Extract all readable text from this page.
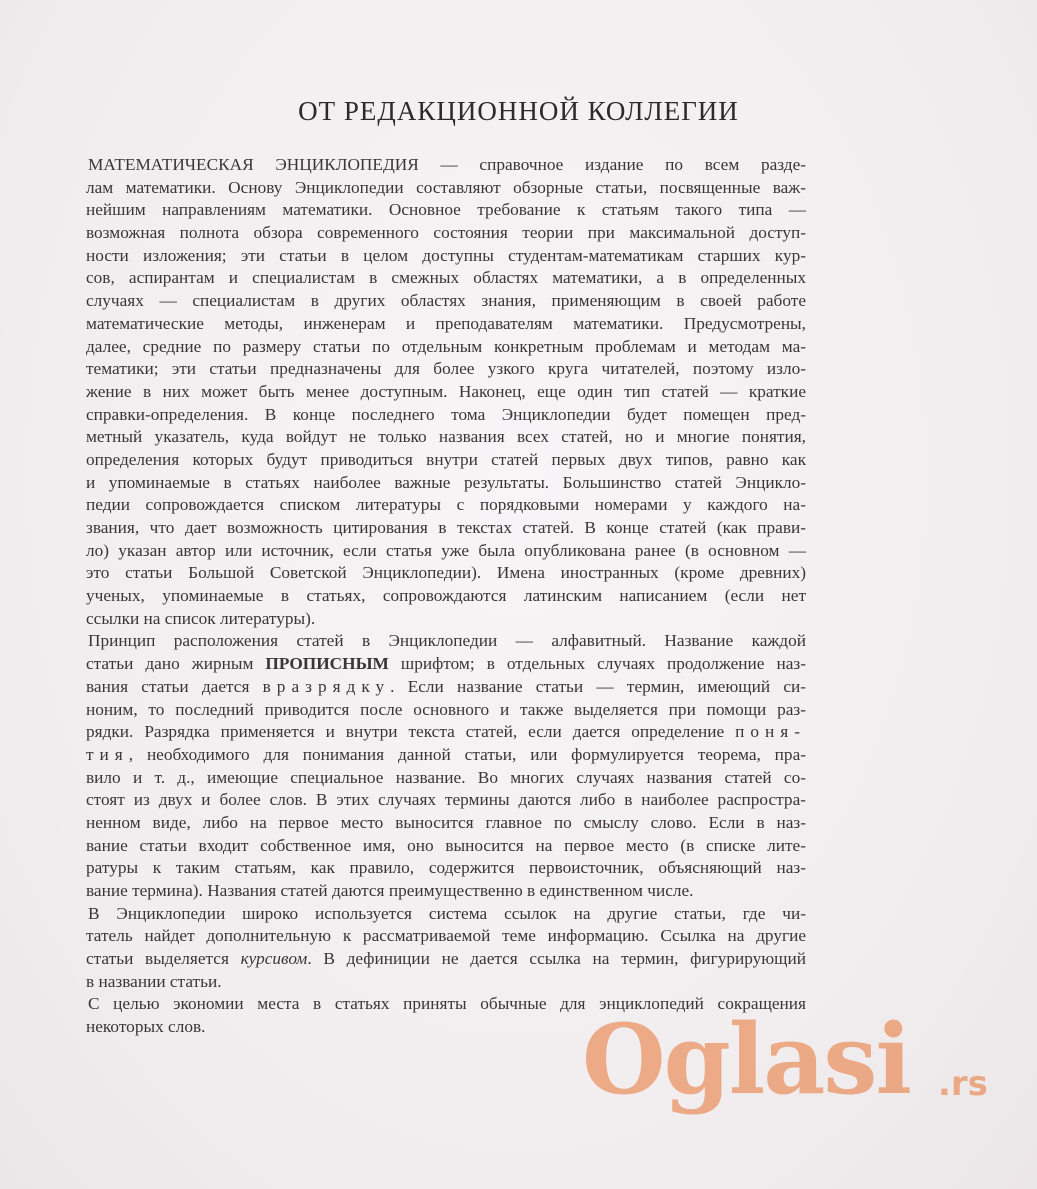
ОТ РЕДАКЦИОННОЙ КОЛЛЕГИИ
МАТЕМАТИЧЕСКАЯ ЭНЦИКЛОПЕДИЯ — справочное издание по всем разде-
лам математики. Основу Энциклопедии составляют обзорные статьи, посвященные важ-
нейшим направлениям математики. Основное требование к статьям такого типа —
возможная полнота обзора современного состояния теории при максимальной доступ-
ности изложения; эти статьи в целом доступны студентам-математикам старших кур-
сов, аспирантам и специалистам в смежных областях математики, а в определенных
случаях — специалистам в других областях знания, применяющим в своей работе
математические методы, инженерам и преподавателям математики. Предусмотрены,
далее, средние по размеру статьи по отдельным конкретным проблемам и методам ма-
тематики; эти статьи предназначены для более узкого круга читателей, поэтому изло-
жение в них может быть менее доступным. Наконец, еще один тип статей — краткие
справки-определения. В конце последнего тома Энциклопедии будет помещен пред-
метный указатель, куда войдут не только названия всех статей, но и многие понятия,
определения которых будут приводиться внутри статей первых двух типов, равно как
и упоминаемые в статьях наиболее важные результаты. Большинство статей Энцикло-
педии сопровождается списком литературы с порядковыми номерами у каждого на-
звания, что дает возможность цитирования в текстах статей. В конце статей (как прави-
ло) указан автор или источник, если статья уже была опубликована ранее (в основном —
это статьи Большой Советской Энциклопедии). Имена иностранных (кроме древних)
ученых, упоминаемые в статьях, сопровождаются латинским написанием (если нет
ссылки на список литературы).
Принцип расположения статей в Энциклопедии — алфавитный. Название каждой
статьи дано жирным ПРОПИСНЫМ шрифтом; в отдельных случаях продолжение наз-
вания статьи дается вразрядку. Если название статьи — термин, имеющий си-
ноним, то последний приводится после основного и также выделяется при помощи раз-
рядки. Разрядка применяется и внутри текста статей, если дается определение поня-
тия, необходимого для понимания данной статьи, или формулируется теорема, пра-
вило и т. д., имеющие специальное название. Во многих случаях названия статей со-
стоят из двух и более слов. В этих случаях термины даются либо в наиболее распростра-
ненном виде, либо на первое место выносится главное по смыслу слово. Если в наз-
вание статьи входит собственное имя, оно выносится на первое место (в списке лите-
ратуры к таким статьям, как правило, содержится первоисточник, объясняющий наз-
вание термина). Названия статей даются преимущественно в единственном числе.
В Энциклопедии широко используется система ссылок на другие статьи, где чи-
татель найдет дополнительную к рассматриваемой теме информацию. Ссылка на другие
статьи выделяется курсивом. В дефиниции не дается ссылка на термин, фигурирующий
в названии статьи.
С целью экономии места в статьях приняты обычные для энциклопедий сокращения
некоторых слов.	Oglasi .rs
